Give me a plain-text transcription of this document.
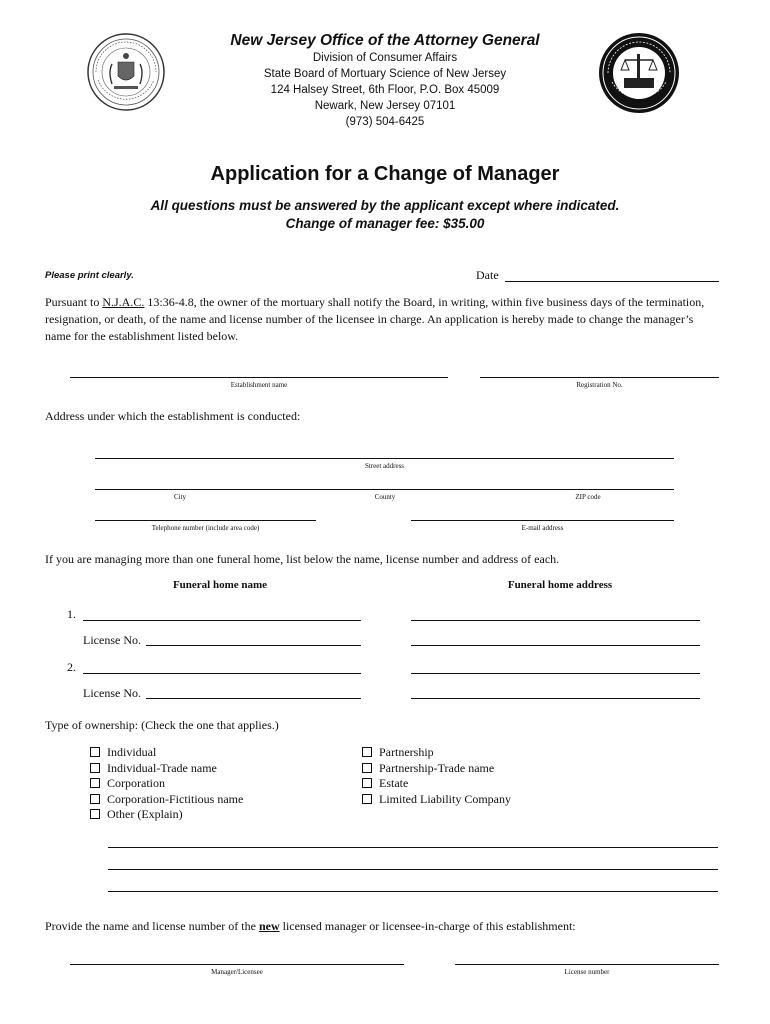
New Jersey Office of the Attorney General
Division of Consumer Affairs
State Board of Mortuary Science of New Jersey
124 Halsey Street, 6th Floor, P.O. Box 45009
Newark, New Jersey 07101
(973) 504-6425
Application for a Change of Manager
All questions must be answered by the applicant except where indicated.
Change of manager fee: $35.00
Please print clearly.	Date
Pursuant to N.J.A.C. 13:36-4.8, the owner of the mortuary shall notify the Board, in writing, within five business days of the termination,
resignation, or death, of the name and license number of the licensee in charge. An application is hereby made to change the manager’s
name for the establishment listed below.
Establishment name	Registration No.
Address under which the establishment is conducted:
Street address
City	County	ZIP code
Telephone number (include area code)	E-mail address
If you are managing more than one funeral home, list below the name, license number and address of each.
Funeral home name	Funeral home address
1.
License No.
2.
License No.
Type of ownership: (Check the one that applies.)
Individual
Individual-Trade name
Corporation
Corporation-Fictitious name
Other (Explain)
Partnership
Partnership-Trade name
Estate
Limited Liability Company
Provide the name and license number of the new licensed manager or licensee-in-charge of this establishment:
Manager/Licensee	License number
